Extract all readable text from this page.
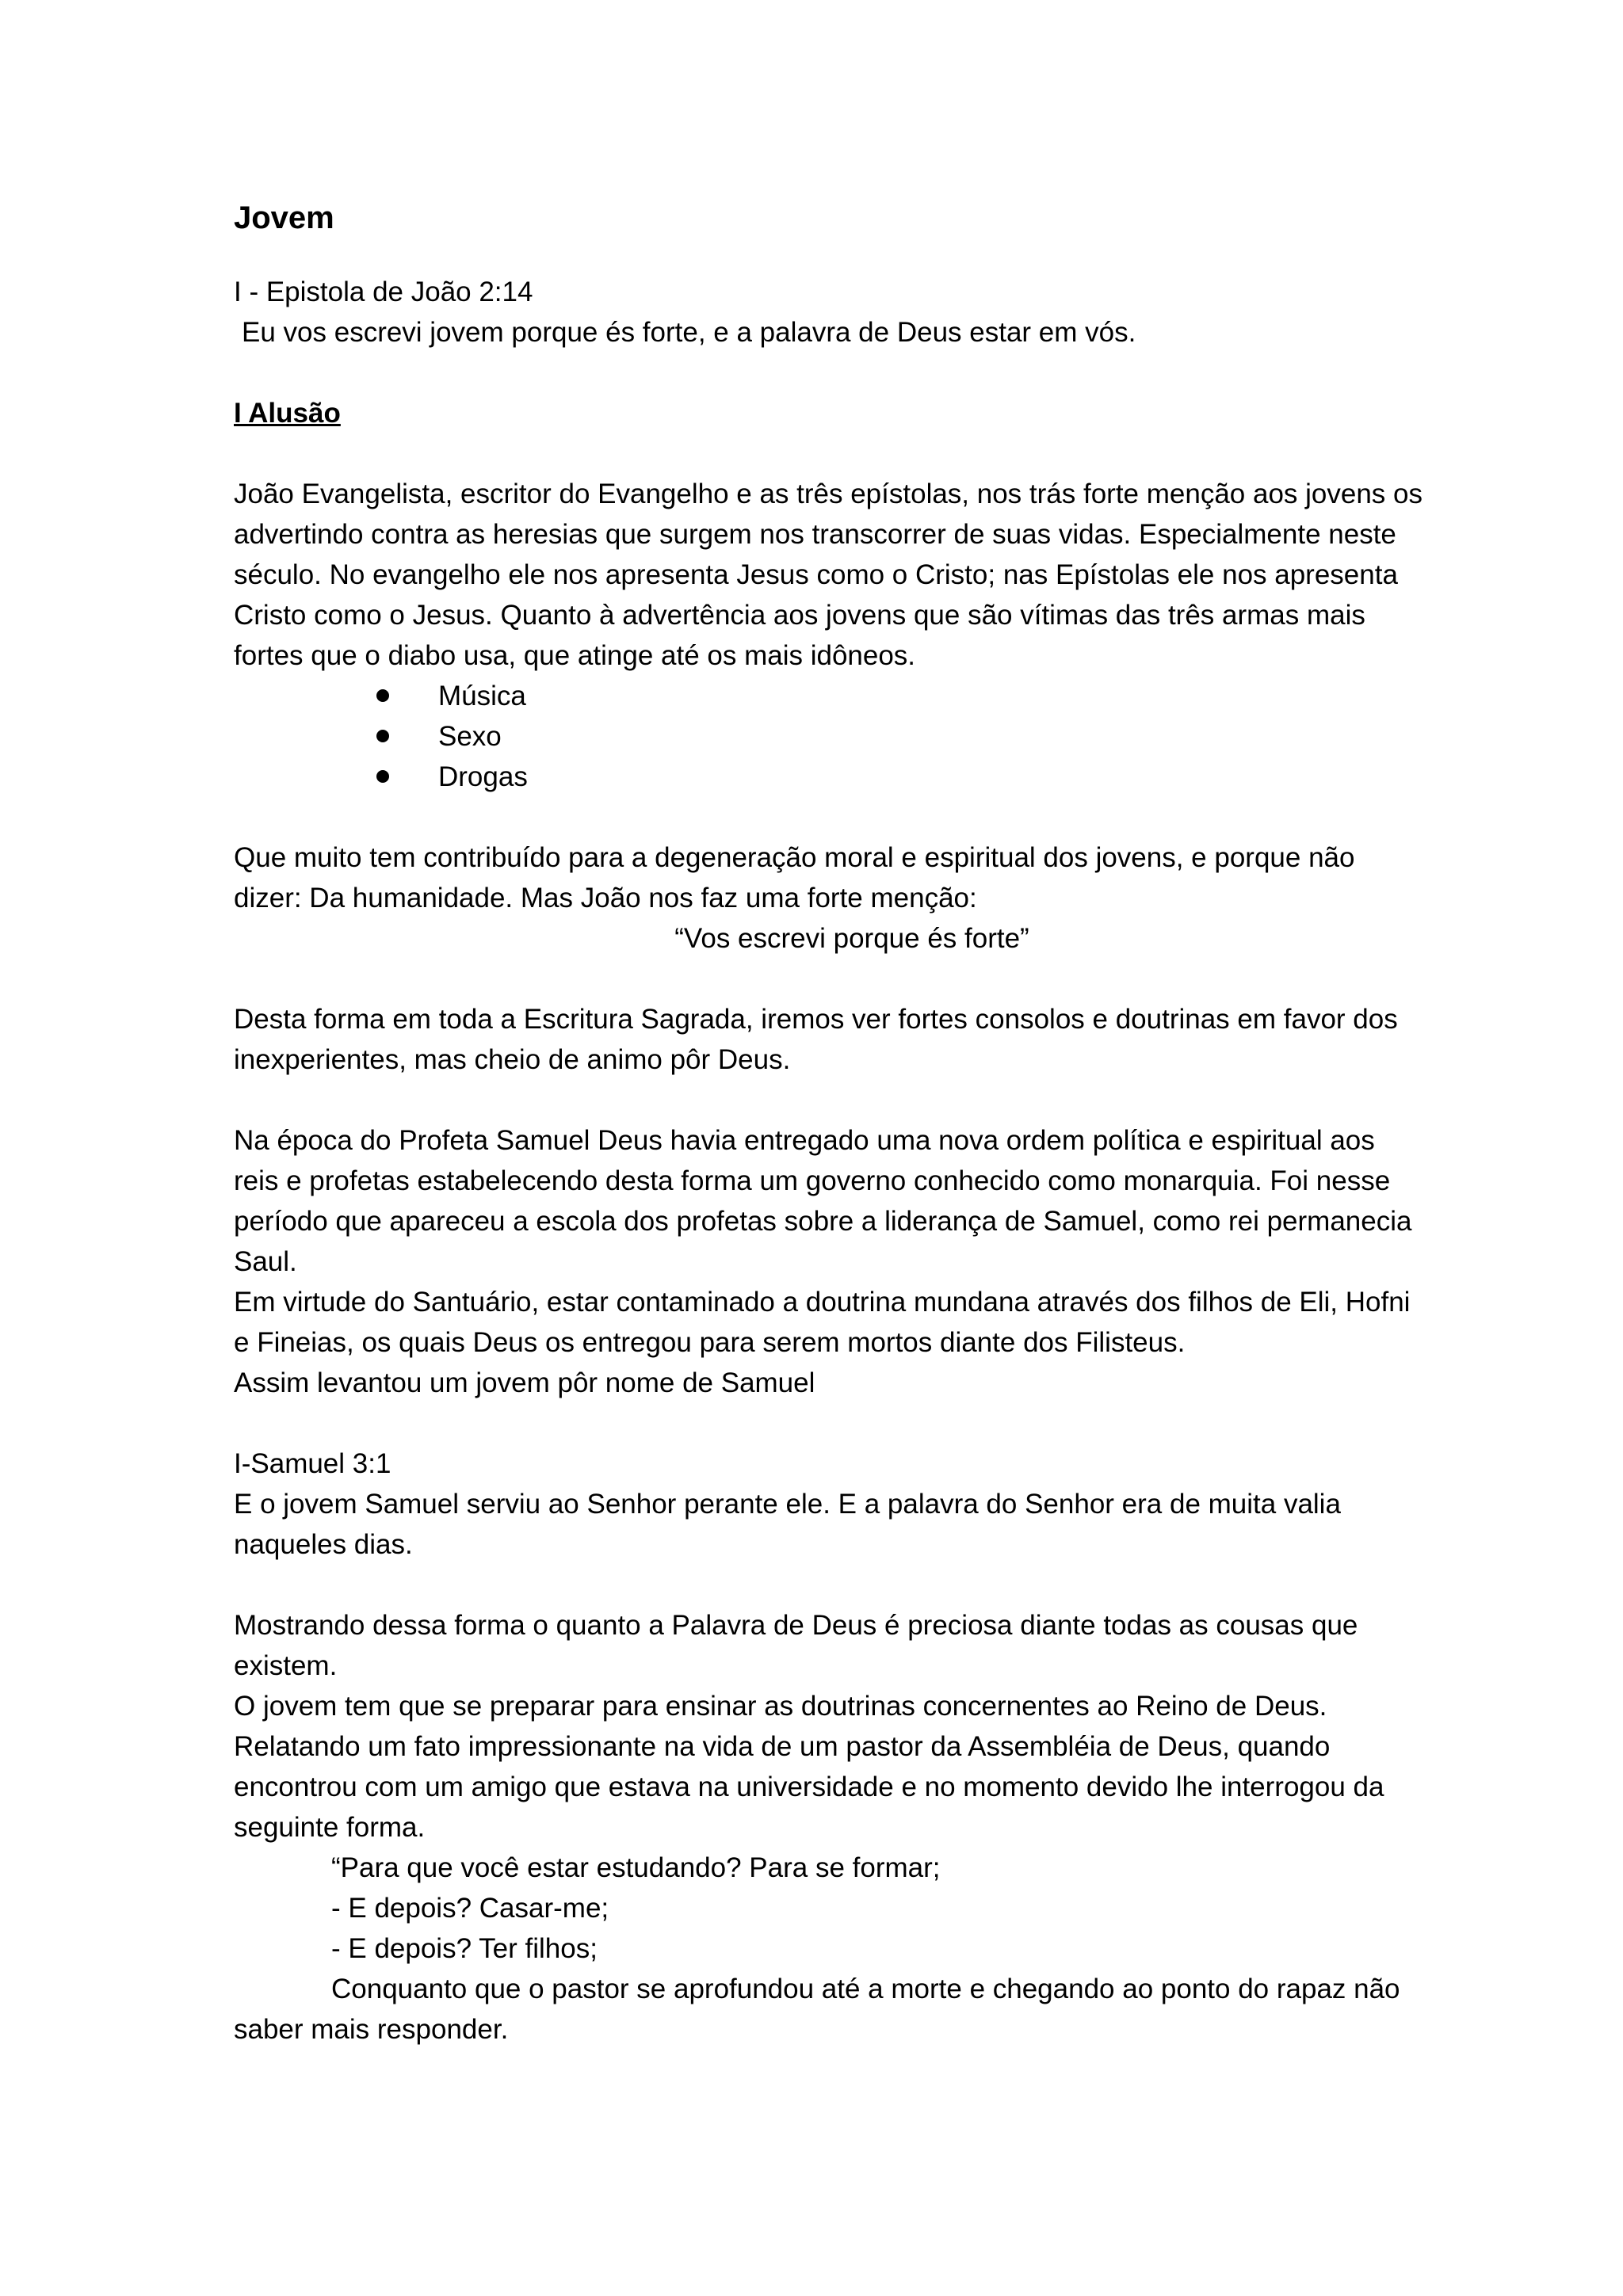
Jovem

I - Epistola de João 2:14

Eu vos escrevi jovem porque és forte, e a palavra de Deus estar em vós.

I Alusão

João Evangelista, escritor do Evangelho e as três epístolas, nos trás forte menção aos jovens os advertindo contra as heresias que surgem nos transcorrer de suas vidas. Especialmente neste século. No evangelho ele nos apresenta Jesus como o Cristo; nas Epístolas ele nos apresenta Cristo como o Jesus. Quanto à advertência aos jovens que são vítimas das três armas mais fortes que o diabo usa, que atinge até os mais idôneos.

Música
Sexo
Drogas

Que muito tem contribuído para a degeneração moral e espiritual dos jovens, e porque não dizer: Da humanidade. Mas João nos faz uma forte menção:

“Vos escrevi porque és forte”

Desta forma em toda a Escritura Sagrada, iremos ver fortes consolos e doutrinas em favor dos inexperientes, mas cheio de animo pôr Deus.

Na época do Profeta Samuel Deus havia entregado uma nova ordem política e espiritual aos reis e profetas estabelecendo desta forma um governo conhecido como monarquia. Foi nesse período que apareceu a escola dos profetas sobre a liderança de Samuel, como rei permanecia Saul.

Em virtude do Santuário, estar contaminado a doutrina mundana através dos filhos de Eli, Hofni e Fineias, os quais Deus os entregou para serem mortos diante dos Filisteus.

Assim levantou um jovem pôr nome de Samuel

I-Samuel 3:1

E o jovem Samuel serviu ao Senhor perante ele. E a palavra do Senhor era de muita valia naqueles dias.

Mostrando dessa forma o quanto a Palavra de Deus é preciosa diante todas as cousas que existem.

O jovem tem que se preparar para ensinar as doutrinas concernentes ao Reino de Deus.

Relatando um fato impressionante na vida de um pastor da Assembléia de Deus, quando encontrou com um amigo que estava na universidade e no momento devido lhe interrogou da seguinte forma.

“Para que você estar estudando? Para se formar;

- E depois? Casar-me;

- E depois? Ter filhos;

Conquanto que o pastor se aprofundou até a morte e chegando ao ponto do rapaz não saber mais responder.
